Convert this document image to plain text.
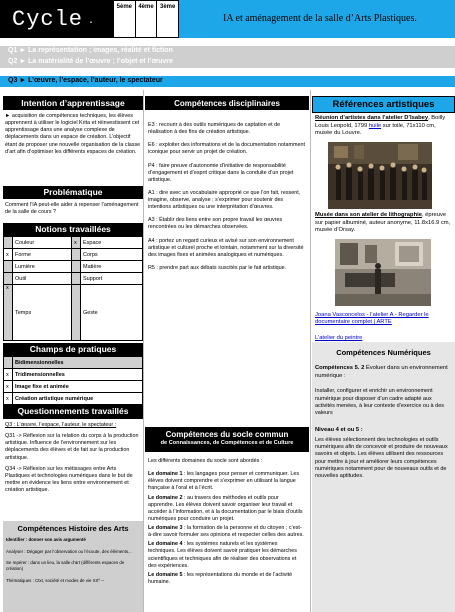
Cycle ·
5ème	4ème	3ème
IA et aménagement de la salle d’Arts Plastiques.
Q1 ► La représentation ; images, réalité et fiction
Q2 ► La matérialité de l’œuvre ; l’objet et l’œuvre
Q3 ► L’œuvre, l’espace, l’auteur, le spectateur
Intention d’apprentissage
► acquisition de compétences techniques, les élèves apprennent à utiliser le logiciel Krita et réinvestissent cet apprentissage dans une analyse complexe de déplacements dans un espace de création. L’objectif étant de proposer une nouvelle organisation de la classe d’art afin d’optimiser les différents espaces de création.
Problématique
Comment l’IA peut-elle aider à repenser l’aménagement de la salle de cours ?
Notions travaillées
	Couleur	x	Espace
x	Forme		Corps
	Lumière		Matière
	Outil		Support
x	Temps		Geste
Champs de pratiques
	Bidimensionnelles
x	Tridimensionnelles
x	Image fixe et animée
x	Création artistique numérique
Questionnements travaillés
Q3 : L’œuvre, l’espace, l’auteur, le spectateur :
Q31 -> Réflexion sur la relation du corps à la production artistique. Influence de l’environnement sur les déplacements des élèves et de fait sur la production artistique.
Q34 -> Réflexion sur les métissages entre Arts Plastiques et technologies numériques dans le but de mettre en évidence les liens entre environnement et création artistique.
Compétences Histoire des Arts
Identifier : donner son avis argumenté
Analyser : Dégager par l’observation ou l’écoute, des éléments...
Se repérer : dans un lieu, la salle d’art (différents espaces de création)
Thématiques : Ctxt, société et modes de vie XXº –
Compétences disciplinaires

E3 : recourir à des outils numériques de captation et de réalisation à des fins de création artistique.

E6 : exploiter des informations et de la documentation notamment iconique pour servir un projet de création.

P4 : faire preuve d’autonomie d’initiative de responsabilité d’engagement et d’esprit critique dans la conduite d’un projet artistique.

A1 : dire avec un vocabulaire approprié ce que l’on fait, ressent, imagine, observe, analyse ; s’exprimer pour soutenir des intentions artistiques ou une interprétation d’œuvres.

A3 : Établir des liens entre son propre travail les œuvres rencontrées ou les démarches observées.

A4 : portez un regard curieux et avisé sur son environnement artistique et culturel proche et lointain, notamment sur la diversité des images fixes et animées analogiques et numériques.

R5 : prendre part aux débats suscités par le fait artistique.

Compétences du socle commun
de Connaissances, de Compétences et de Culture

Les différents domaines du socle sont abordés :

Le domaine 1 : les langages pour penser et communiquer. Les élèves doivent comprendre et s’exprimer en utilisant la langue française à l’oral et à l’écrit.

Le domaine 2 : au travers des méthodes et outils pour apprendre. Les élèves doivent savoir organiser leur travail et accéder à l’information, et à la documentation par le biais d’outils numériques pour conduire un projet.

Le domaine 3 : la formation de la personne et du citoyen ; c’est-à-dire savoir formuler ses opinions et respecter celles des autres.

Le domaine 4 : les systèmes naturels et les systèmes techniques. Les élèves doivent savoir pratiquer les démarches scientifiques et techniques afin de réaliser des observations et des expériences.

Le domaine 5 : les représentations du monde et de l’activité humaine.

Références artistiques
Réunion d’artistes dans l’atelier D’Isabey, Boilly Louis Leopold, 1799 huile sur toile, 71x110 cm, musée du Louvre.
Musée dans son atelier de lithographie, épreuve sur papier albuminé, auteur anonyme, 11.8x16.9 cm, musée d’Orsay.
Joana Vasconcelos - l’atelier A - Regarder le documentaire complet | ARTE
L’atelier du peintre
Compétences Numériques
Compétences 5. 2 Évoluer dans un environnement numérique :
Installer, configurer et enrichir un environnement numérique pour disposer d’un cadre adapté aux activités menées, à leur contexte d’exercice ou à des valeurs
Niveau 4 et ou 5 :
Les élèves sélectionnent des technologies et outils numériques afin de concevoir et produire de nouveaux savoirs et objets. Les élèves utilisent des ressources pour mettre à jour et améliorer leurs compétences numériques notamment pour de nouveaux outils et de nouvelles aptitudes.
